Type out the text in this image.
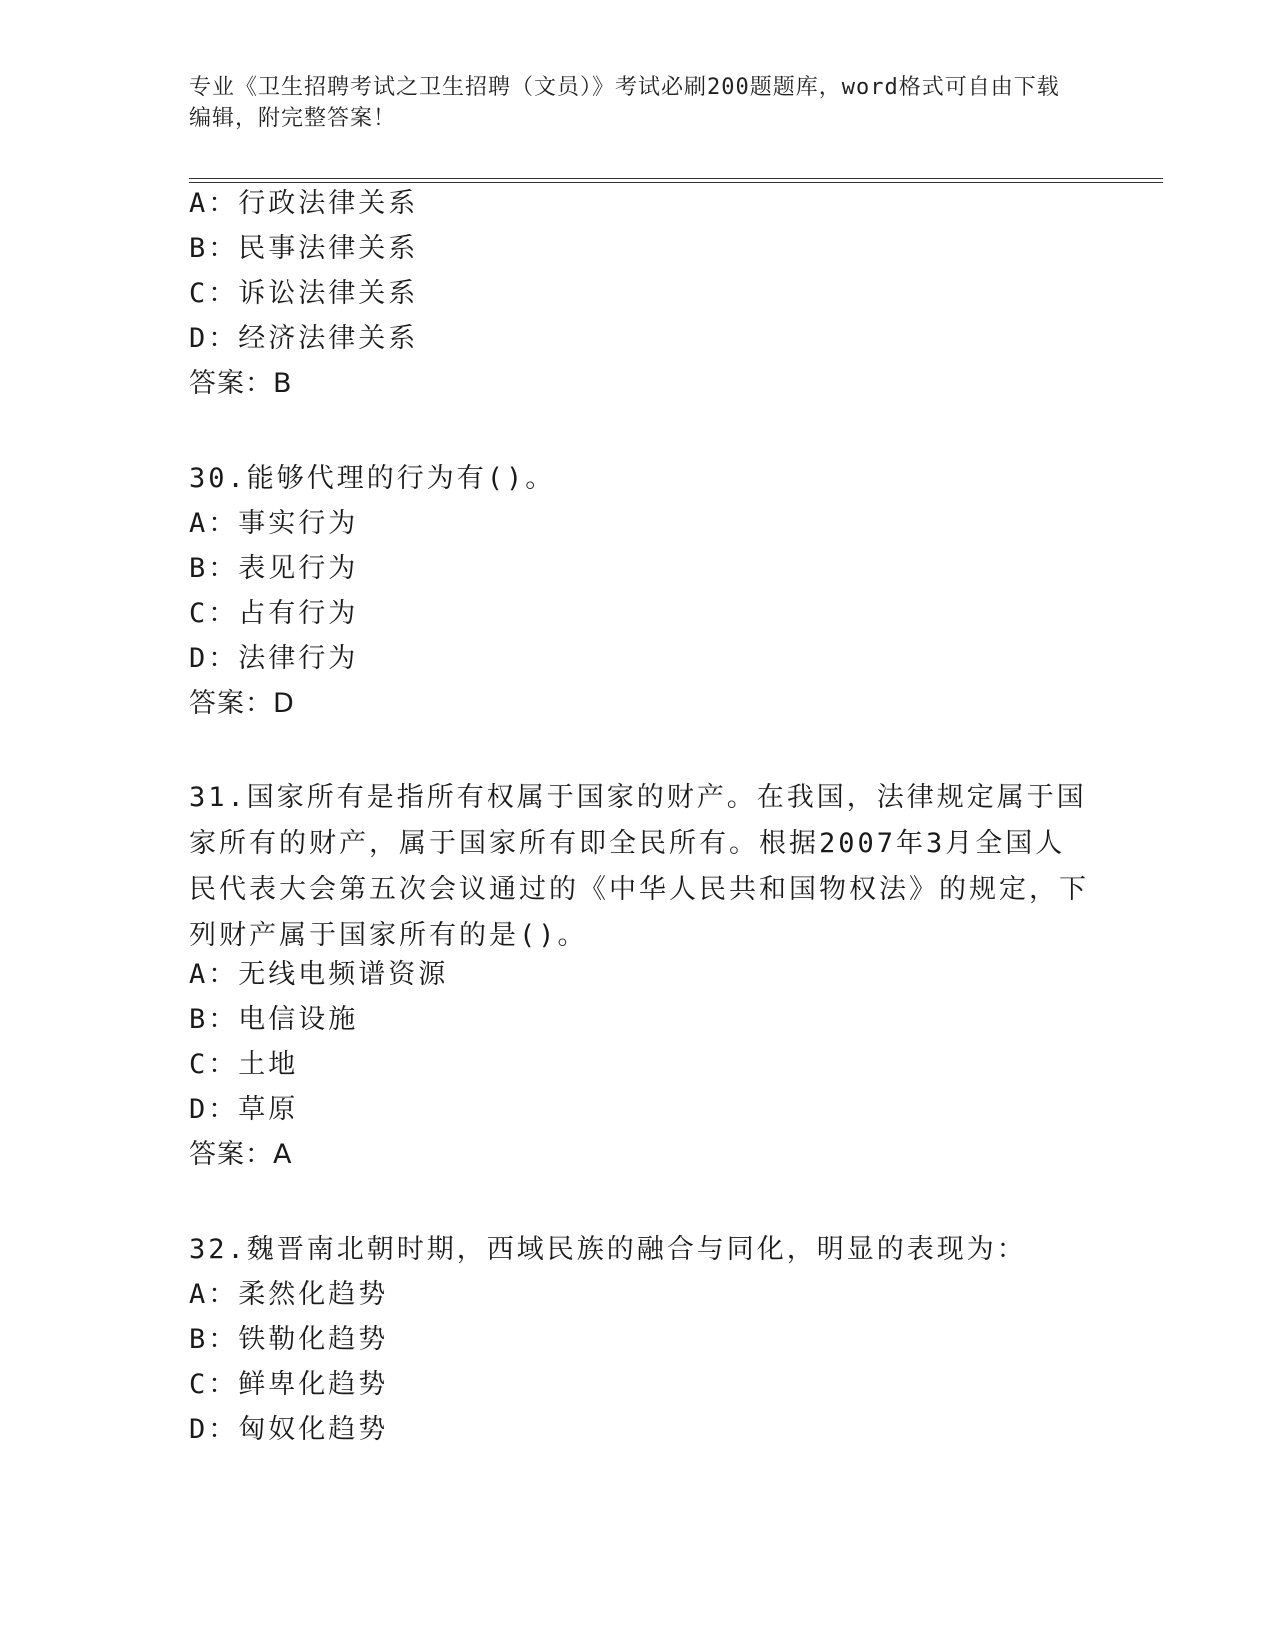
专业《卫生招聘考试之卫生招聘（文员）》考试必刷200题题库，word格式可自由下载编辑，附完整答案！
A：行政法律关系
B：民事法律关系
C：诉讼法律关系
D：经济法律关系
答案：B
30.能够代理的行为有()。
A：事实行为
B：表见行为
C：占有行为
D：法律行为
答案：D
31.国家所有是指所有权属于国家的财产。在我国，法律规定属于国家所有的财产，属于国家所有即全民所有。根据2007年3月全国人民代表大会第五次会议通过的《中华人民共和国物权法》的规定，下列财产属于国家所有的是()。
A：无线电频谱资源
B：电信设施
C：土地
D：草原
答案：A
32.魏晋南北朝时期，西域民族的融合与同化，明显的表现为：
A：柔然化趋势
B：铁勒化趋势
C：鲜卑化趋势
D：匈奴化趋势
